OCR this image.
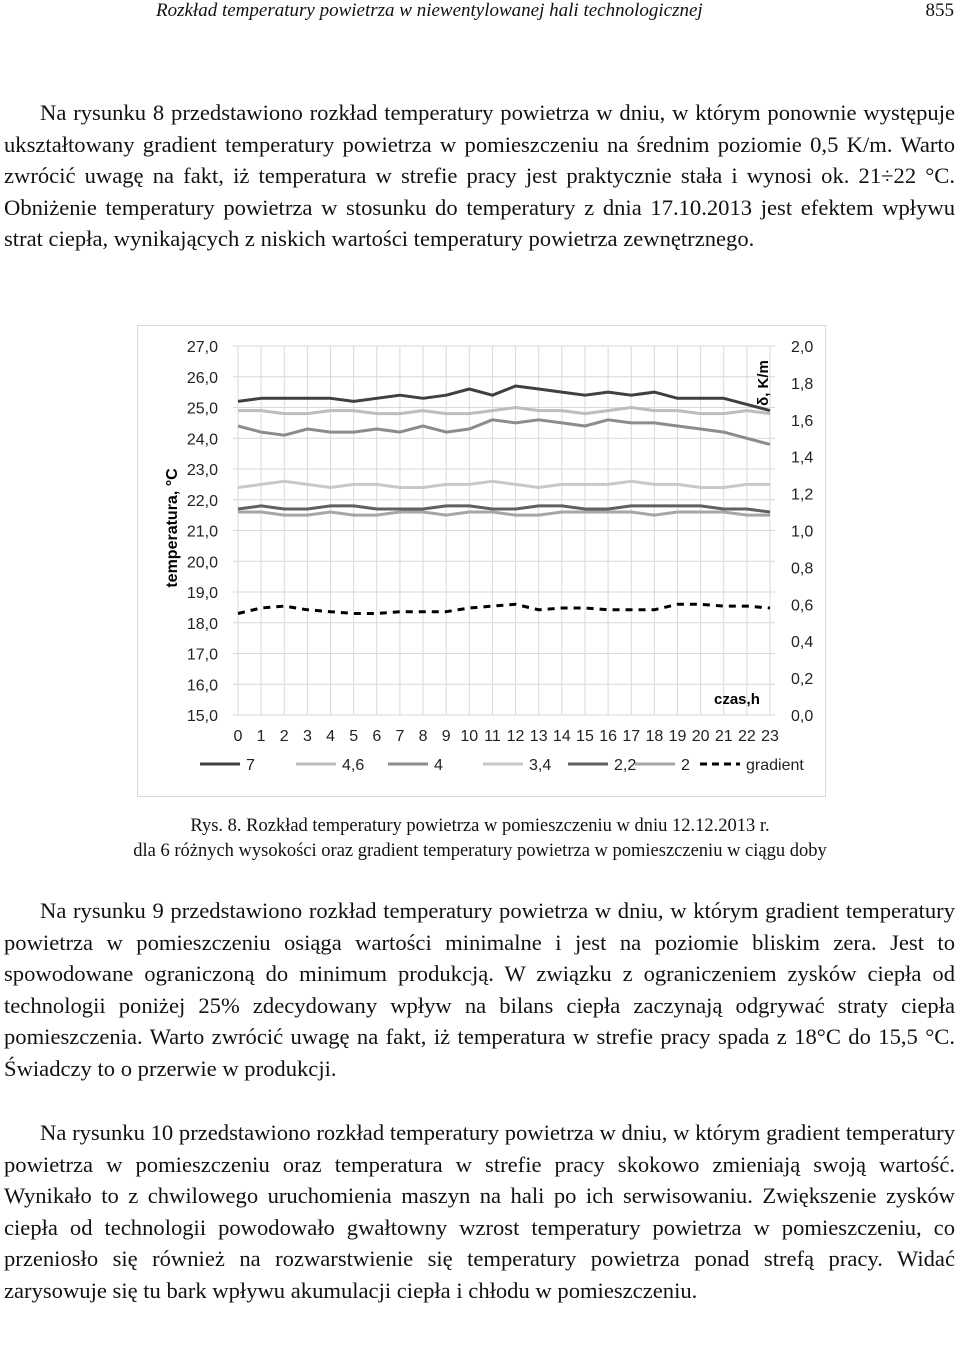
Rozkład temperatury powietrza w niewentylowanej hali technologicznej	855

Na rysunku 8 przedstawiono rozkład temperatury powietrza w dniu, w którym ponownie występuje ukształtowany gradient temperatury powietrza w pomieszczeniu na średnim poziomie 0,5 K/m. Warto zwrócić uwagę na fakt, iż temperatura w strefie pracy jest praktycznie stała i wynosi ok. 21÷22 °C. Obniżenie temperatury powietrza w stosunku do temperatury z dnia 17.10.2013 jest efektem wpływu strat ciepła, wynikających z niskich wartości temperatury powietrza zewnętrznego.

15,0
16,0
17,0
18,0
19,0
20,0
21,0
22,0
23,0
24,0
25,0
26,0
27,0
0,0
0,2
0,4
0,6
0,8
1,0
1,2
1,4
1,6
1,8
2,0
0 1 2 3 4 5 6 7 8 9 10 11 12 13 14 15 16 17 18 19 20 21 22 23
7	4,6	4	3,4	2,2	2	gradient
temperatura, °C
δ, K/m
czas,h
Rys. 8. Rozkład temperatury powietrza w pomieszczeniu w dniu 12.12.2013 r.
dla 6 różnych wysokości oraz gradient temperatury powietrza w pomieszczeniu w ciągu doby

Na rysunku 9 przedstawiono rozkład temperatury powietrza w dniu, w którym gradient temperatury powietrza w pomieszczeniu osiąga wartości minimalne i jest na poziomie bliskim zera. Jest to spowodowane ograniczoną do minimum produkcją. W związku z ograniczeniem zysków ciepła od technologii poniżej 25% zdecydowany wpływ na bilans ciepła zaczynają odgrywać straty ciepła pomieszczenia. Warto zwrócić uwagę na fakt, iż temperatura w strefie pracy spada z 18°C do 15,5 °C. Świadczy to o przerwie w produkcji.

Na rysunku 10 przedstawiono rozkład temperatury powietrza w dniu, w którym gradient temperatury powietrza w pomieszczeniu oraz temperatura w strefie pracy skokowo zmieniają swoją wartość. Wynikało to z chwilowego uruchomienia maszyn na hali po ich serwisowaniu. Zwiększenie zysków ciepła od technologii powodowało gwałtowny wzrost temperatury powietrza w pomieszczeniu, co przeniosło się również na rozwarstwienie się temperatury powietrza ponad strefą pracy. Widać zarysowuje się tu bark wpływu akumulacji ciepła i chłodu w pomieszczeniu.
